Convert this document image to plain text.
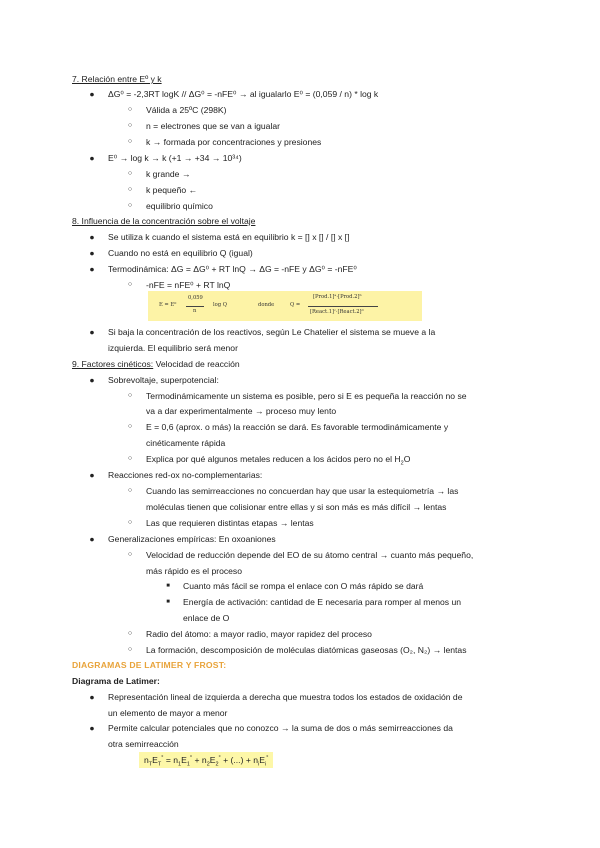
7. Relación entre Eº y k
● ΔG⁰ = -2,3RT logK // ΔG⁰ = -nFE⁰ → al igualarlo E⁰ = (0,059 / n) * log k
○ Válida a 25ºC (298K)
○ n = electrones que se van a igualar
○ k → formada por concentraciones y presiones
● E⁰ → log k → k (+1 → +34 → 10³⁴)
○ k grande →
○ k pequeño ←
○ equilibrio químico
8. Influencia de la concentración sobre el voltaje
● Se utiliza k cuando el sistema está en equilibrio k = [] x [] / [] x []
● Cuando no está en equilibrio Q (igual)
● Termodinámica: ΔG = ΔG⁰ + RT lnQ → ΔG = -nFE y ΔG⁰ = -nFE⁰
○ -nFE = nFE⁰ + RT lnQ
E = E⁰
0,059
n
log Q	donde	Q =
[Prod.1]ᵃ·[Prod.2]ᵇ
[React.1]ᶜ·[React.2]ᵈ
● Si baja la concentración de los reactivos, según Le Chatelier el sistema se mueve a la
izquierda. El equilibrio será menor
9. Factores cinéticos: Velocidad de reacción
● Sobrevoltaje, superpotencial:
○ Termodinámicamente un sistema es posible, pero si E es pequeña la reacción no se
va a dar experimentalmente → proceso muy lento
○ E = 0,6 (aprox. o más) la reacción se dará. Es favorable termodinámicamente y
cinéticamente rápida
○ Explica por qué algunos metales reducen a los ácidos pero no el $H_2O$
● Reacciones red-ox no-complementarias:
○ Cuando las semirreacciones no concuerdan hay que usar la estequiometría → las
moléculas tienen que colisionar entre ellas y si son más es más difícil → lentas
○ Las que requieren distintas etapas → lentas
● Generalizaciones empíricas: En oxoaniones
○ Velocidad de reducción depende del EO de su átomo central → cuanto más pequeño,
más rápido es el proceso
■ Cuanto más fácil se rompa el enlace con O más rápido se dará
■ Energía de activación: cantidad de E necesaria para romper al menos un
enlace de O
○ Radio del átomo: a mayor radio, mayor rapidez del proceso
○ La formación, descomposición de moléculas diatómicas gaseosas (O₂, N₂) → lentas
DIAGRAMAS DE LATIMER Y FROST:
Diagrama de Latimer:
● Representación lineal de izquierda a derecha que muestra todos los estados de oxidación de
un elemento de mayor a menor
● Permite calcular potenciales que no conozco → la suma de dos o más semirreacciones da
otra semirreacción
$n_TE_T^\circ = n_1E_1^\circ + n_2E_2^\circ$ + (...) + $n_iE_i^\circ$
